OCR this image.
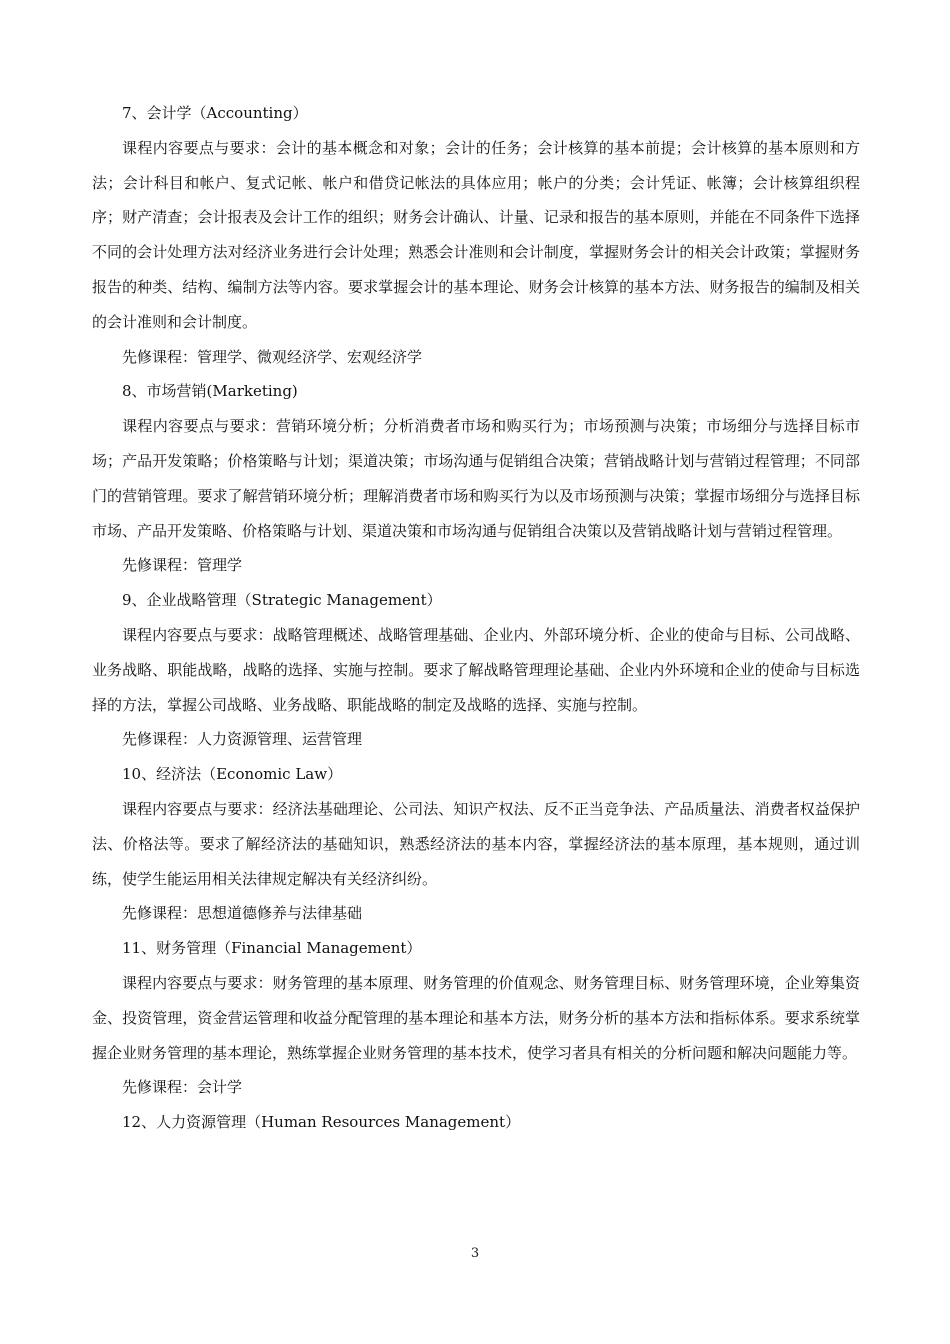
7、会计学（Accounting）

课程内容要点与要求：会计的基本概念和对象；会计的任务；会计核算的基本前提；会计核算的基本原则和方法；会计科目和帐户、复式记帐、帐户和借贷记帐法的具体应用；帐户的分类；会计凭证、帐簿；会计核算组织程序；财产清查；会计报表及会计工作的组织；财务会计确认、计量、记录和报告的基本原则，并能在不同条件下选择不同的会计处理方法对经济业务进行会计处理；熟悉会计准则和会计制度，掌握财务会计的相关会计政策；掌握财务报告的种类、结构、编制方法等内容。要求掌握会计的基本理论、财务会计核算的基本方法、财务报告的编制及相关的会计准则和会计制度。

先修课程：管理学、微观经济学、宏观经济学
8、市场营销(Marketing)

课程内容要点与要求：营销环境分析；分析消费者市场和购买行为；市场预测与决策；市场细分与选择目标市场；产品开发策略；价格策略与计划；渠道决策；市场沟通与促销组合决策；营销战略计划与营销过程管理；不同部门的营销管理。要求了解营销环境分析；理解消费者市场和购买行为以及市场预测与决策；掌握市场细分与选择目标市场、产品开发策略、价格策略与计划、渠道决策和市场沟通与促销组合决策以及营销战略计划与营销过程管理。

先修课程：管理学
9、企业战略管理（Strategic Management）

课程内容要点与要求：战略管理概述、战略管理基础、企业内、外部环境分析、企业的使命与目标、公司战略、业务战略、职能战略，战略的选择、实施与控制。要求了解战略管理理论基础、企业内外环境和企业的使命与目标选择的方法，掌握公司战略、业务战略、职能战略的制定及战略的选择、实施与控制。

先修课程：人力资源管理、运营管理
10、经济法（Economic Law）

课程内容要点与要求：经济法基础理论、公司法、知识产权法、反不正当竞争法、产品质量法、消费者权益保护法、价格法等。要求了解经济法的基础知识，熟悉经济法的基本内容，掌握经济法的基本原理，基本规则，通过训练，使学生能运用相关法律规定解决有关经济纠纷。

先修课程：思想道德修养与法律基础
11、财务管理（Financial Management）

课程内容要点与要求：财务管理的基本原理、财务管理的价值观念、财务管理目标、财务管理环境，企业筹集资金、投资管理，资金营运管理和收益分配管理的基本理论和基本方法，财务分析的基本方法和指标体系。要求系统掌握企业财务管理的基本理论，熟练掌握企业财务管理的基本技术，使学习者具有相关的分析问题和解决问题能力等。

先修课程：会计学
12、人力资源管理（Human Resources Management）
3
